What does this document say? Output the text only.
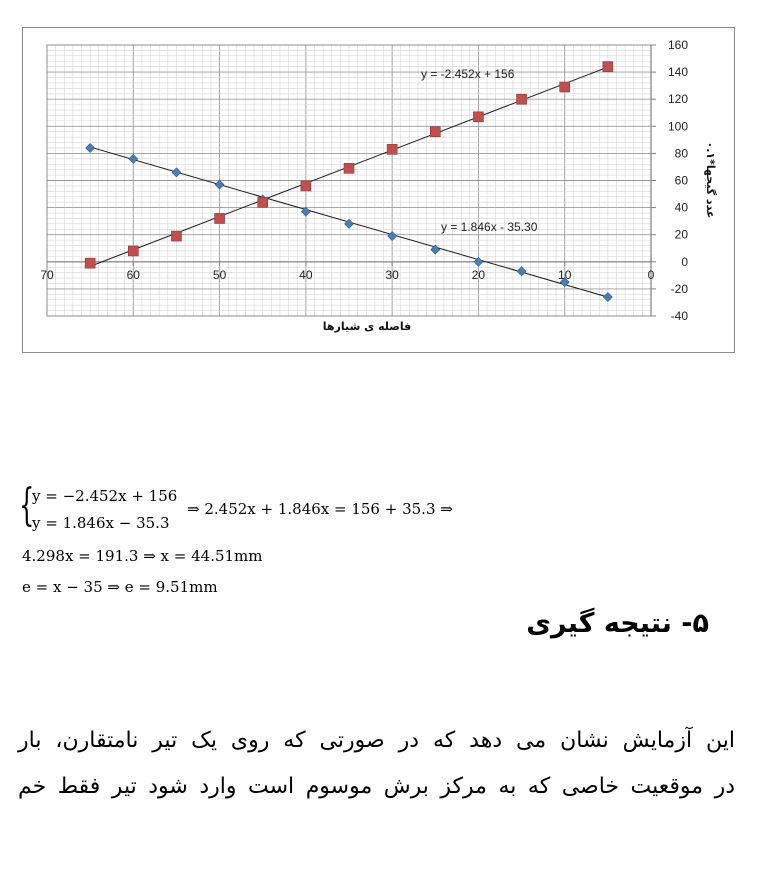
160
140
120
100
80
60
40
20
0
-20
-40
70	60	50	40	30	20	10	0
فاصله ی شیارها
عدد گیجها*۰.۱
y = 1.846x - 35.30
y = -2.452x + 156
{
y = −2.452x + 156
y = 1.846x − 35.3
⇒ 2.452x + 1.846x = 156 + 35.3 ⇒
4.298x = 191.3 ⇒ x = 44.51mm
e = x − 35 ⇒ e = 9.51mm
۵- نتیجه گیری
این آزمایش نشان می دهد که در صورتی که روی یک تیر نامتقارن، بار
در موقعیت خاصی که به مرکز برش موسوم است وارد شود تیر فقط خم
